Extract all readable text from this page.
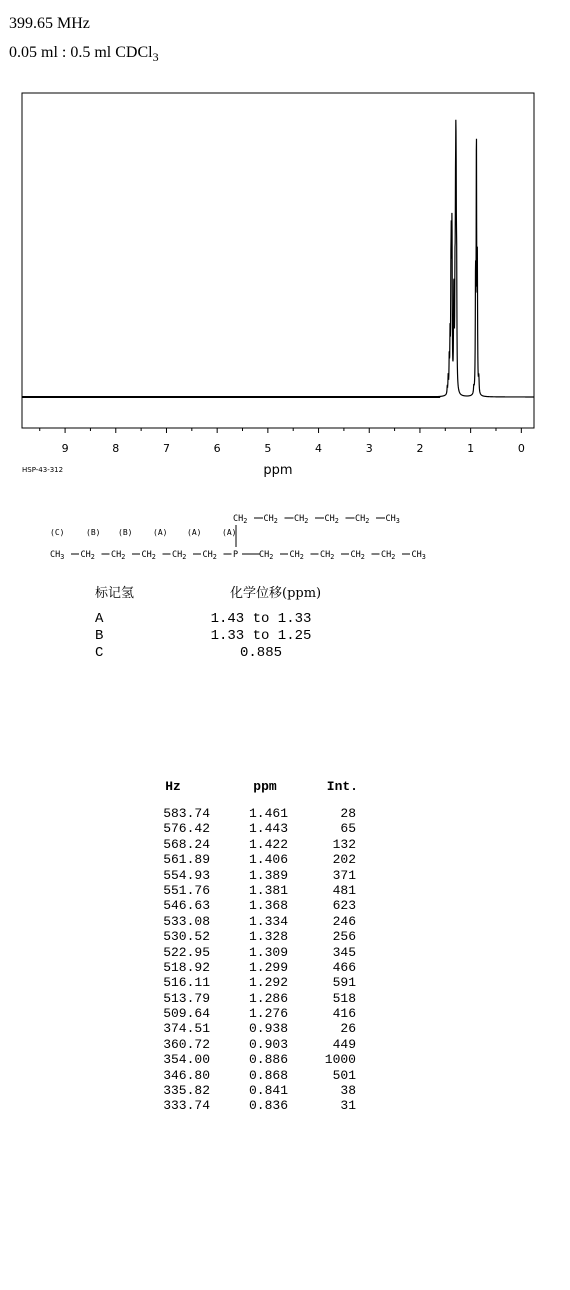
399.65 MHz
0.05 ml : 0.5 ml CDCl$_3$
9	8	7	6	5	4	3	2	1	0
ppm
HSP-43-312
(C)	(B) (B)	(A) (A)	(A)
$CH_3$ $CH_2$ $CH_2$ $CH_2$ $CH_2$ $CH_2$ P $CH_2$ $CH_2$ $CH_2$ $CH_2$ $CH_2$ $CH_3$
$CH_2$ $CH_2$ $CH_2$ $CH_2$ $CH_2$ $CH_3$
标记氢	化学位移(ppm)
A	1.43 to 1.33
B	1.33 to 1.25
C	0.885
Hz	ppm	Int.
583.74	1.461	28
576.42	1.443	65
568.24	1.422	132
561.89	1.406	202
554.93	1.389	371
551.76	1.381	481
546.63	1.368	623
533.08	1.334	246
530.52	1.328	256
522.95	1.309	345
518.92	1.299	466
516.11	1.292	591
513.79	1.286	518
509.64	1.276	416
374.51	0.938	26
360.72	0.903	449
354.00	0.886	1000
346.80	0.868	501
335.82	0.841	38
333.74	0.836	31
